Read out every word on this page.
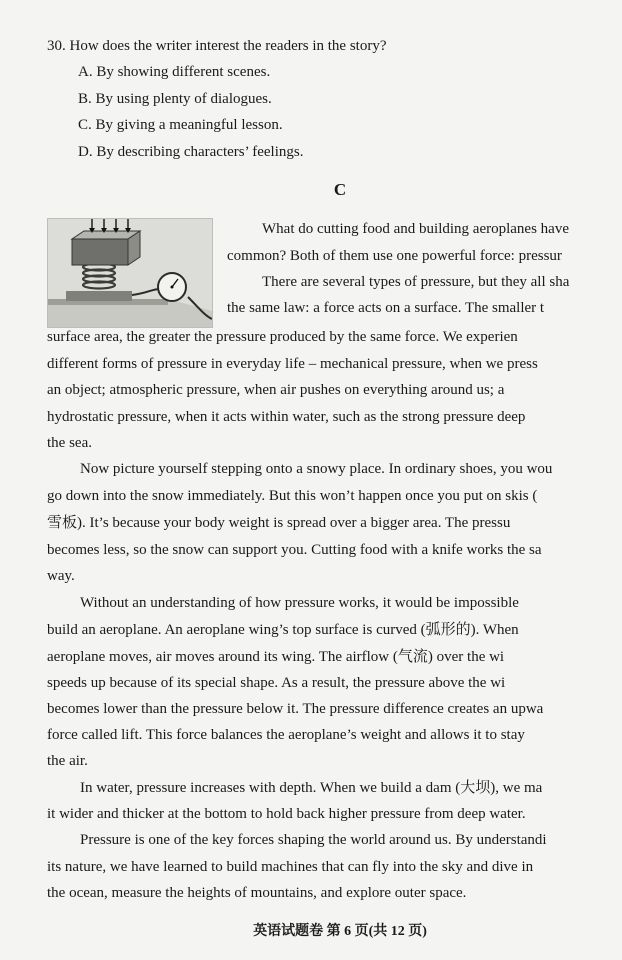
30. How does the writer interest the readers in the story?
A. By showing different scenes.
B. By using plenty of dialogues.
C. By giving a meaningful lesson.
D. By describing characters’ feelings.
C
What do cutting food and building aeroplanes have
common? Both of them use one powerful force: pressur
There are several types of pressure, but they all sha
the same law: a force acts on a surface. The smaller t
surface area, the greater the pressure produced by the same force. We experien
different forms of pressure in everyday life – mechanical pressure, when we press
an object; atmospheric pressure, when air pushes on everything around us; a
hydrostatic pressure, when it acts within water, such as the strong pressure deep
the sea.
Now picture yourself stepping onto a snowy place. In ordinary shoes, you wou
go down into the snow immediately. But this won’t happen once you put on skis (
雪板). It’s because your body weight is spread over a bigger area. The pressu
becomes less, so the snow can support you. Cutting food with a knife works the sa
way.
Without an understanding of how pressure works, it would be impossible
build an aeroplane. An aeroplane wing’s top surface is curved (弧形的). When
aeroplane moves, air moves around its wing. The airflow (气流) over the wi
speeds up because of its special shape. As a result, the pressure above the wi
becomes lower than the pressure below it. The pressure difference creates an upwa
force called lift. This force balances the aeroplane’s weight and allows it to stay
the air.
In water, pressure increases with depth. When we build a dam (大坝), we ma
it wider and thicker at the bottom to hold back higher pressure from deep water.
Pressure is one of the key forces shaping the world around us. By understandi
its nature, we have learned to build machines that can fly into the sky and dive in
the ocean, measure the heights of mountains, and explore outer space.
英语试题卷 第 6 页(共 12 页)
